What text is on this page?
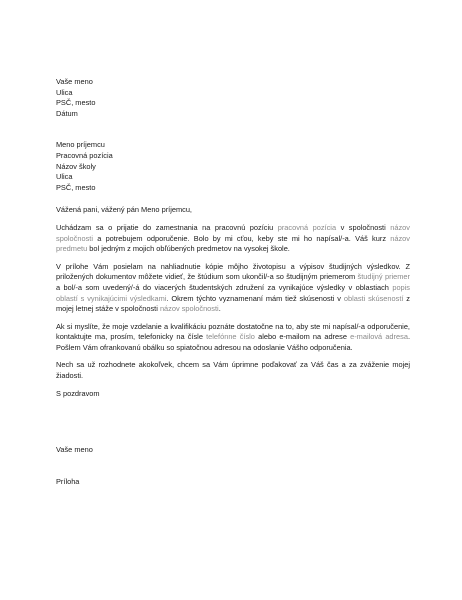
Vaše meno
Ulica
PSČ, mesto
Dátum
Meno príjemcu
Pracovná pozícia
Názov školy
Ulica
PSČ, mesto

Vážená pani, vážený pán Meno príjemcu,

Uchádzam sa o prijatie do zamestnania na pracovnú pozíciu pracovná pozícia v spoločnosti názov spoločnosti a potrebujem odporučenie. Bolo by mi cťou, keby ste mi ho napísal/-a. Váš kurz názov predmetu bol jedným z mojich obľúbených predmetov na vysokej škole.

V prílohe Vám posielam na nahliadnutie kópie môjho životopisu a výpisov študijných výsledkov. Z priložených dokumentov môžete vidieť, že štúdium som ukončil/-a so študijným priemerom študijný priemer a bol/-a som uvedený/-á do viacerých študentských združení za vynikajúce výsledky v oblastiach popis oblastí s vynikajúcimi výsledkami. Okrem týchto vyznamenaní mám tiež skúsenosti v oblasti skúseností z mojej letnej stáže v spoločnosti názov spoločnosti.

Ak si myslíte, že moje vzdelanie a kvalifikáciu poznáte dostatočne na to, aby ste mi napísal/-a odporučenie, kontaktujte ma, prosím, telefonicky na čísle telefónne číslo alebo e-mailom na adrese e-mailová adresa. Pošlem Vám ofrankovanú obálku so spiatočnou adresou na odoslanie Vášho odporučenia.

Nech sa už rozhodnete akokoľvek, chcem sa Vám úprimne poďakovať za Váš čas a za zváženie mojej žiadosti.

S pozdravom
Vaše meno
Príloha
